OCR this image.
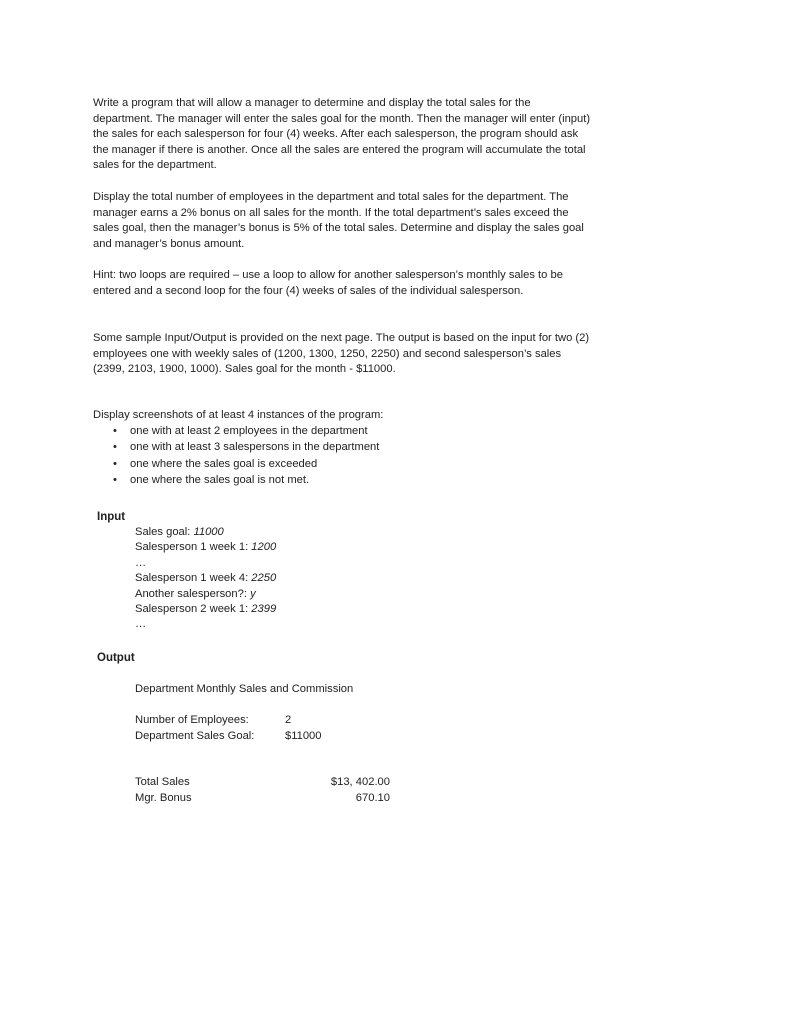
Write a program that will allow a manager to determine and display the total sales for the department. The manager will enter the sales goal for the month. Then the manager will enter (input) the sales for each salesperson for four (4) weeks. After each salesperson, the program should ask the manager if there is another. Once all the sales are entered the program will accumulate the total sales for the department.

Display the total number of employees in the department and total sales for the department. The manager earns a 2% bonus on all sales for the month. If the total department’s sales exceed the sales goal, then the manager’s bonus is 5% of the total sales. Determine and display the sales goal and manager’s bonus amount.

Hint: two loops are required – use a loop to allow for another salesperson’s monthly sales to be entered and a second loop for the four (4) weeks of sales of the individual salesperson.

Some sample Input/Output is provided on the next page. The output is based on the input for two (2) employees one with weekly sales of (1200, 1300, 1250, 2250) and second salesperson’s sales (2399, 2103, 1900, 1000). Sales goal for the month - $11000.

Display screenshots of at least 4 instances of the program:

• one with at least 2 employees in the department
• one with at least 3 salespersons in the department
• one where the sales goal is exceeded
• one where the sales goal is not met.
Input
Sales goal: 11000
Salesperson 1 week 1: 1200
…
Salesperson 1 week 4: 2250
Another salesperson?: y
Salesperson 2 week 1: 2399
…
Output
Department Monthly Sales and Commission
Number of Employees:	2
Department Sales Goal:	$11000
Total Sales	$13, 402.00
Mgr. Bonus	670.10
